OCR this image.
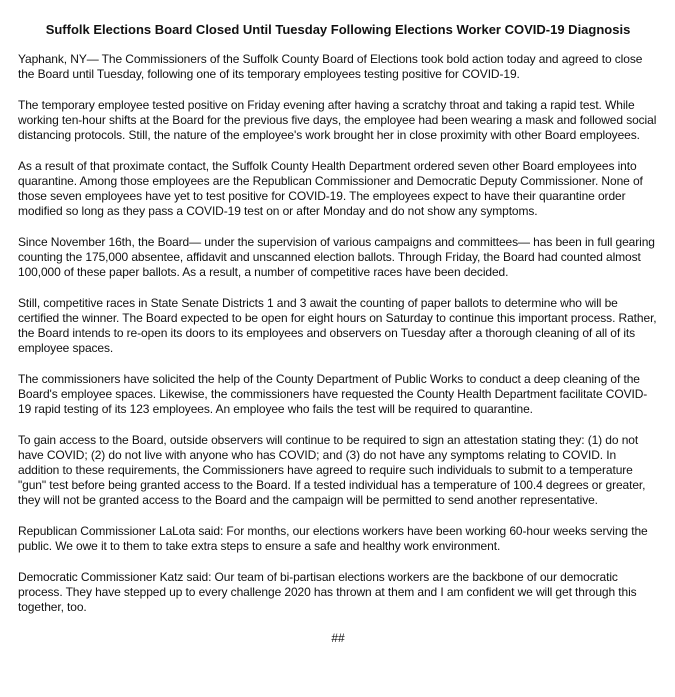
Suffolk Elections Board Closed Until Tuesday Following Elections Worker COVID-19 Diagnosis

Yaphank, NY— The Commissioners of the Suffolk County Board of Elections took bold action today and agreed to close the Board until Tuesday, following one of its temporary employees testing positive for COVID-19.

The temporary employee tested positive on Friday evening after having a scratchy throat and taking a rapid test. While working ten-hour shifts at the Board for the previous five days, the employee had been wearing a mask and followed social distancing protocols. Still, the nature of the employee's work brought her in close proximity with other Board employees.

As a result of that proximate contact, the Suffolk County Health Department ordered seven other Board employees into quarantine. Among those employees are the Republican Commissioner and Democratic Deputy Commissioner. None of those seven employees have yet to test positive for COVID-19. The employees expect to have their quarantine order modified so long as they pass a COVID-19 test on or after Monday and do not show any symptoms.

Since November 16th, the Board— under the supervision of various campaigns and committees— has been in full gearing counting the 175,000 absentee, affidavit and unscanned election ballots. Through Friday, the Board had counted almost 100,000 of these paper ballots. As a result, a number of competitive races have been decided.

Still, competitive races in State Senate Districts 1 and 3 await the counting of paper ballots to determine who will be certified the winner. The Board expected to be open for eight hours on Saturday to continue this important process. Rather, the Board intends to re-open its doors to its employees and observers on Tuesday after a thorough cleaning of all of its employee spaces.

The commissioners have solicited the help of the County Department of Public Works to conduct a deep cleaning of the Board's employee spaces. Likewise, the commissioners have requested the County Health Department facilitate COVID-19 rapid testing of its 123 employees. An employee who fails the test will be required to quarantine.

To gain access to the Board, outside observers will continue to be required to sign an attestation stating they: (1) do not have COVID; (2) do not live with anyone who has COVID; and (3) do not have any symptoms relating to COVID. In addition to these requirements, the Commissioners have agreed to require such individuals to submit to a temperature "gun" test before being granted access to the Board. If a tested individual has a temperature of 100.4 degrees or greater, they will not be granted access to the Board and the campaign will be permitted to send another representative.

Republican Commissioner LaLota said: For months, our elections workers have been working 60-hour weeks serving the public. We owe it to them to take extra steps to ensure a safe and healthy work environment.

Democratic Commissioner Katz said: Our team of bi-partisan elections workers are the backbone of our democratic process. They have stepped up to every challenge 2020 has thrown at them and I am confident we will get through this together, too.

##
